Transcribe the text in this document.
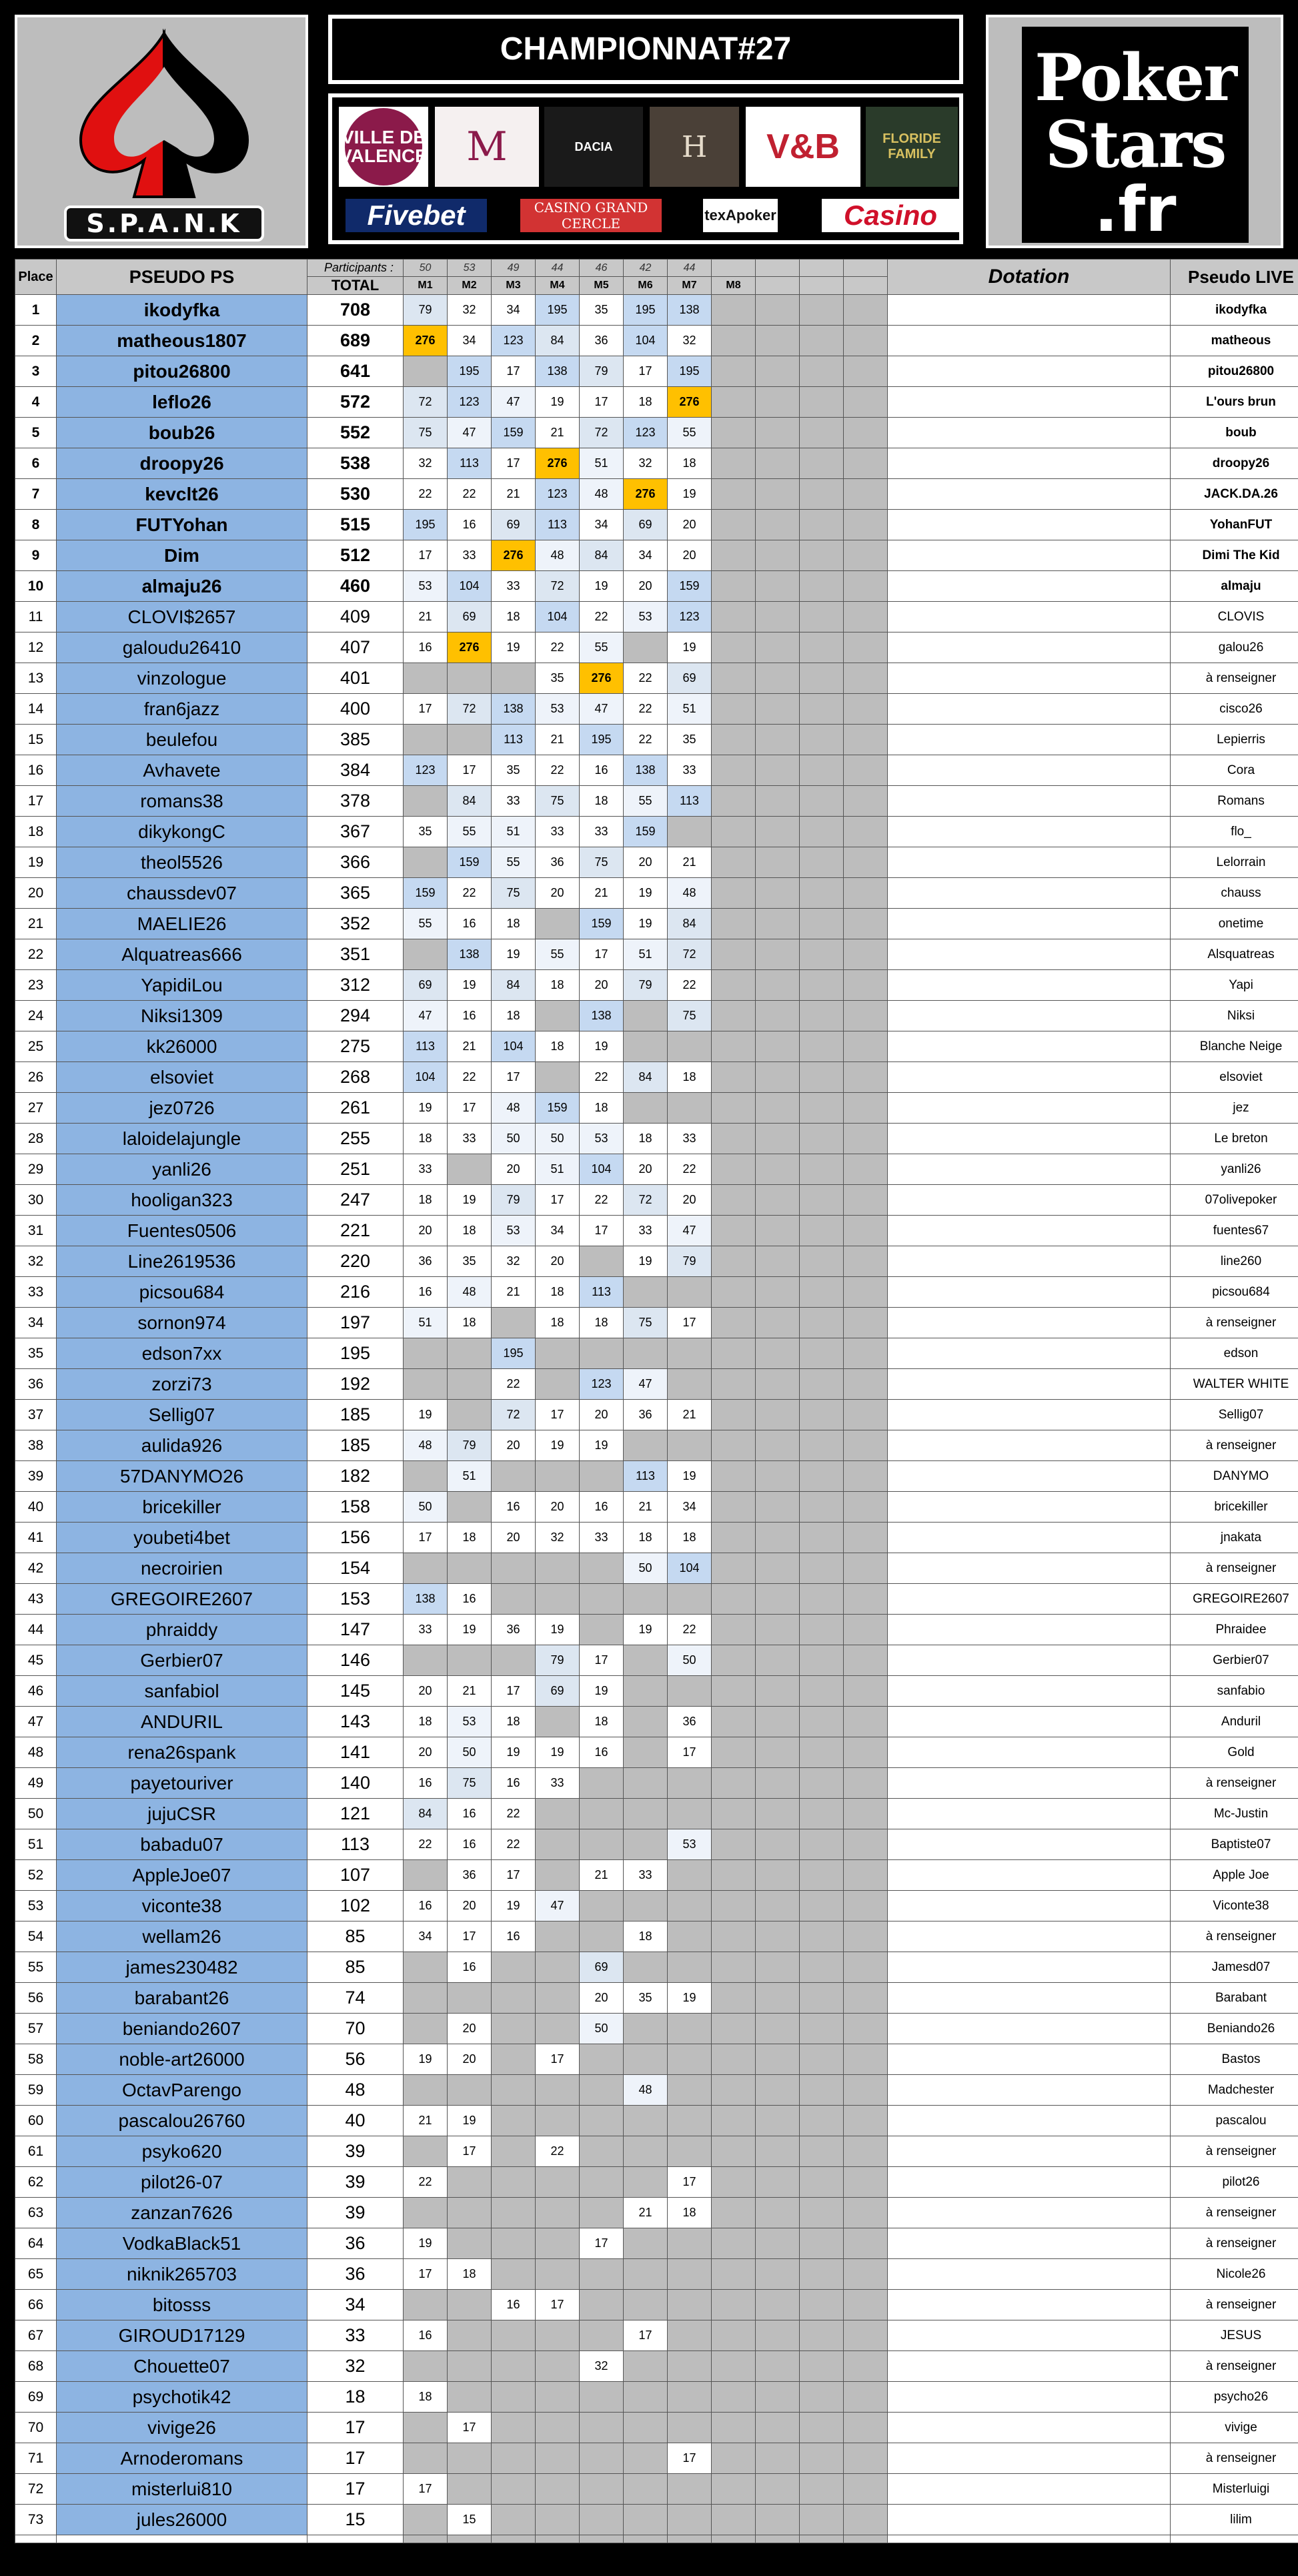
S.P.A.N.K
CHAMPIONNAT#27
VILLE DE VALENCE M	DACIA	H	V&B	FLORIDE FAMILY
Fivebet	CASINO GRAND CERCLE	texApoker	Casino
Poker
Stars
.fr
Place	PSEUDO PS	Participants :	50	53	49	44	46	42	44					Dotation	Pseudo LIVE
		TOTAL	M1	M2	M3	M4	M5	M6	M7	M8					
1	ikodyfka	708	79	32	34	195	35	195	138						ikodyfka
2	matheous1807	689	276	34	123	84	36	104	32						matheous
3	pitou26800	641		195	17	138	79	17	195						pitou26800
4	leflo26	572	72	123	47	19	17	18	276						L'ours brun
5	boub26	552	75	47	159	21	72	123	55						boub
6	droopy26	538	32	113	17	276	51	32	18						droopy26
7	kevclt26	530	22	22	21	123	48	276	19						JACK.DA.26
8	FUTYohan	515	195	16	69	113	34	69	20						YohanFUT
9	Dim	512	17	33	276	48	84	34	20						Dimi The Kid
10	almaju26	460	53	104	33	72	19	20	159						almaju
11	CLOVI$2657	409	21	69	18	104	22	53	123						CLOVIS
12	galoudu26410	407	16	276	19	22	55		19						galou26
13	vinzologue	401				35	276	22	69						à renseigner
14	fran6jazz	400	17	72	138	53	47	22	51						cisco26
15	beulefou	385			113	21	195	22	35						Lepierris
16	Avhavete	384	123	17	35	22	16	138	33						Cora
17	romans38	378		84	33	75	18	55	113						Romans
18	dikykongC	367	35	55	51	33	33	159							flo_
19	theol5526	366		159	55	36	75	20	21						Lelorrain
20	chaussdev07	365	159	22	75	20	21	19	48						chauss
21	MAELIE26	352	55	16	18		159	19	84						onetime
22	Alquatreas666	351		138	19	55	17	51	72						Alsquatreas
23	YapidiLou	312	69	19	84	18	20	79	22						Yapi
24	Niksi1309	294	47	16	18		138		75						Niksi
25	kk26000	275	113	21	104	18	19								Blanche Neige
26	elsoviet	268	104	22	17		22	84	18						elsoviet
27	jez0726	261	19	17	48	159	18								jez
28	laloidelajungle	255	18	33	50	50	53	18	33						Le breton
29	yanli26	251	33		20	51	104	20	22						yanli26
30	hooligan323	247	18	19	79	17	22	72	20						07olivepoker
31	Fuentes0506	221	20	18	53	34	17	33	47						fuentes67
32	Line2619536	220	36	35	32	20		19	79						line260
33	picsou684	216	16	48	21	18	113								picsou684
34	sornon974	197	51	18		18	18	75	17						à renseigner
35	edson7xx	195			195										edson
36	zorzi73	192			22		123	47							WALTER WHITE
37	Sellig07	185	19		72	17	20	36	21						Sellig07
38	aulida926	185	48	79	20	19	19								à renseigner
39	57DANYMO26	182		51				113	19						DANYMO
40	bricekiller	158	50		16	20	16	21	34						bricekiller
41	youbeti4bet	156	17	18	20	32	33	18	18						jnakata
42	necroirien	154						50	104						à renseigner
43	GREGOIRE2607	153	138	16											GREGOIRE2607
44	phraiddy	147	33	19	36	19		19	22						Phraidee
45	Gerbier07	146				79	17		50						Gerbier07
46	sanfabiol	145	20	21	17	69	19								sanfabio
47	ANDURIL	143	18	53	18		18		36						Anduril
48	rena26spank	141	20	50	19	19	16		17						Gold
49	payetouriver	140	16	75	16	33									à renseigner
50	jujuCSR	121	84	16	22										Mc-Justin
51	babadu07	113	22	16	22				53						Baptiste07
52	AppleJoe07	107		36	17		21	33							Apple Joe
53	viconte38	102	16	20	19	47									Viconte38
54	wellam26	85	34	17	16			18							à renseigner
55	james230482	85		16			69								Jamesd07
56	barabant26	74					20	35	19						Barabant
57	beniando2607	70		20			50								Beniando26
58	noble-art26000	56	19	20		17									Bastos
59	OctavParengo	48						48							Madchester
60	pascalou26760	40	21	19											pascalou
61	psyko620	39		17		22									à renseigner
62	pilot26-07	39	22						17						pilot26
63	zanzan7626	39						21	18						à renseigner
64	VodkaBlack51	36	19				17								à renseigner
65	niknik265703	36	17	18											Nicole26
66	bitosss	34			16	17									à renseigner
67	GIROUD17129	33	16					17							JESUS
68	Chouette07	32					32								à renseigner
69	psychotik42	18	18												psycho26
70	vivige26	17		17											vivige
71	Arnoderomans	17							17						à renseigner
72	misterlui810	17	17												Misterluigi
73	jules26000	15		15											lilim
